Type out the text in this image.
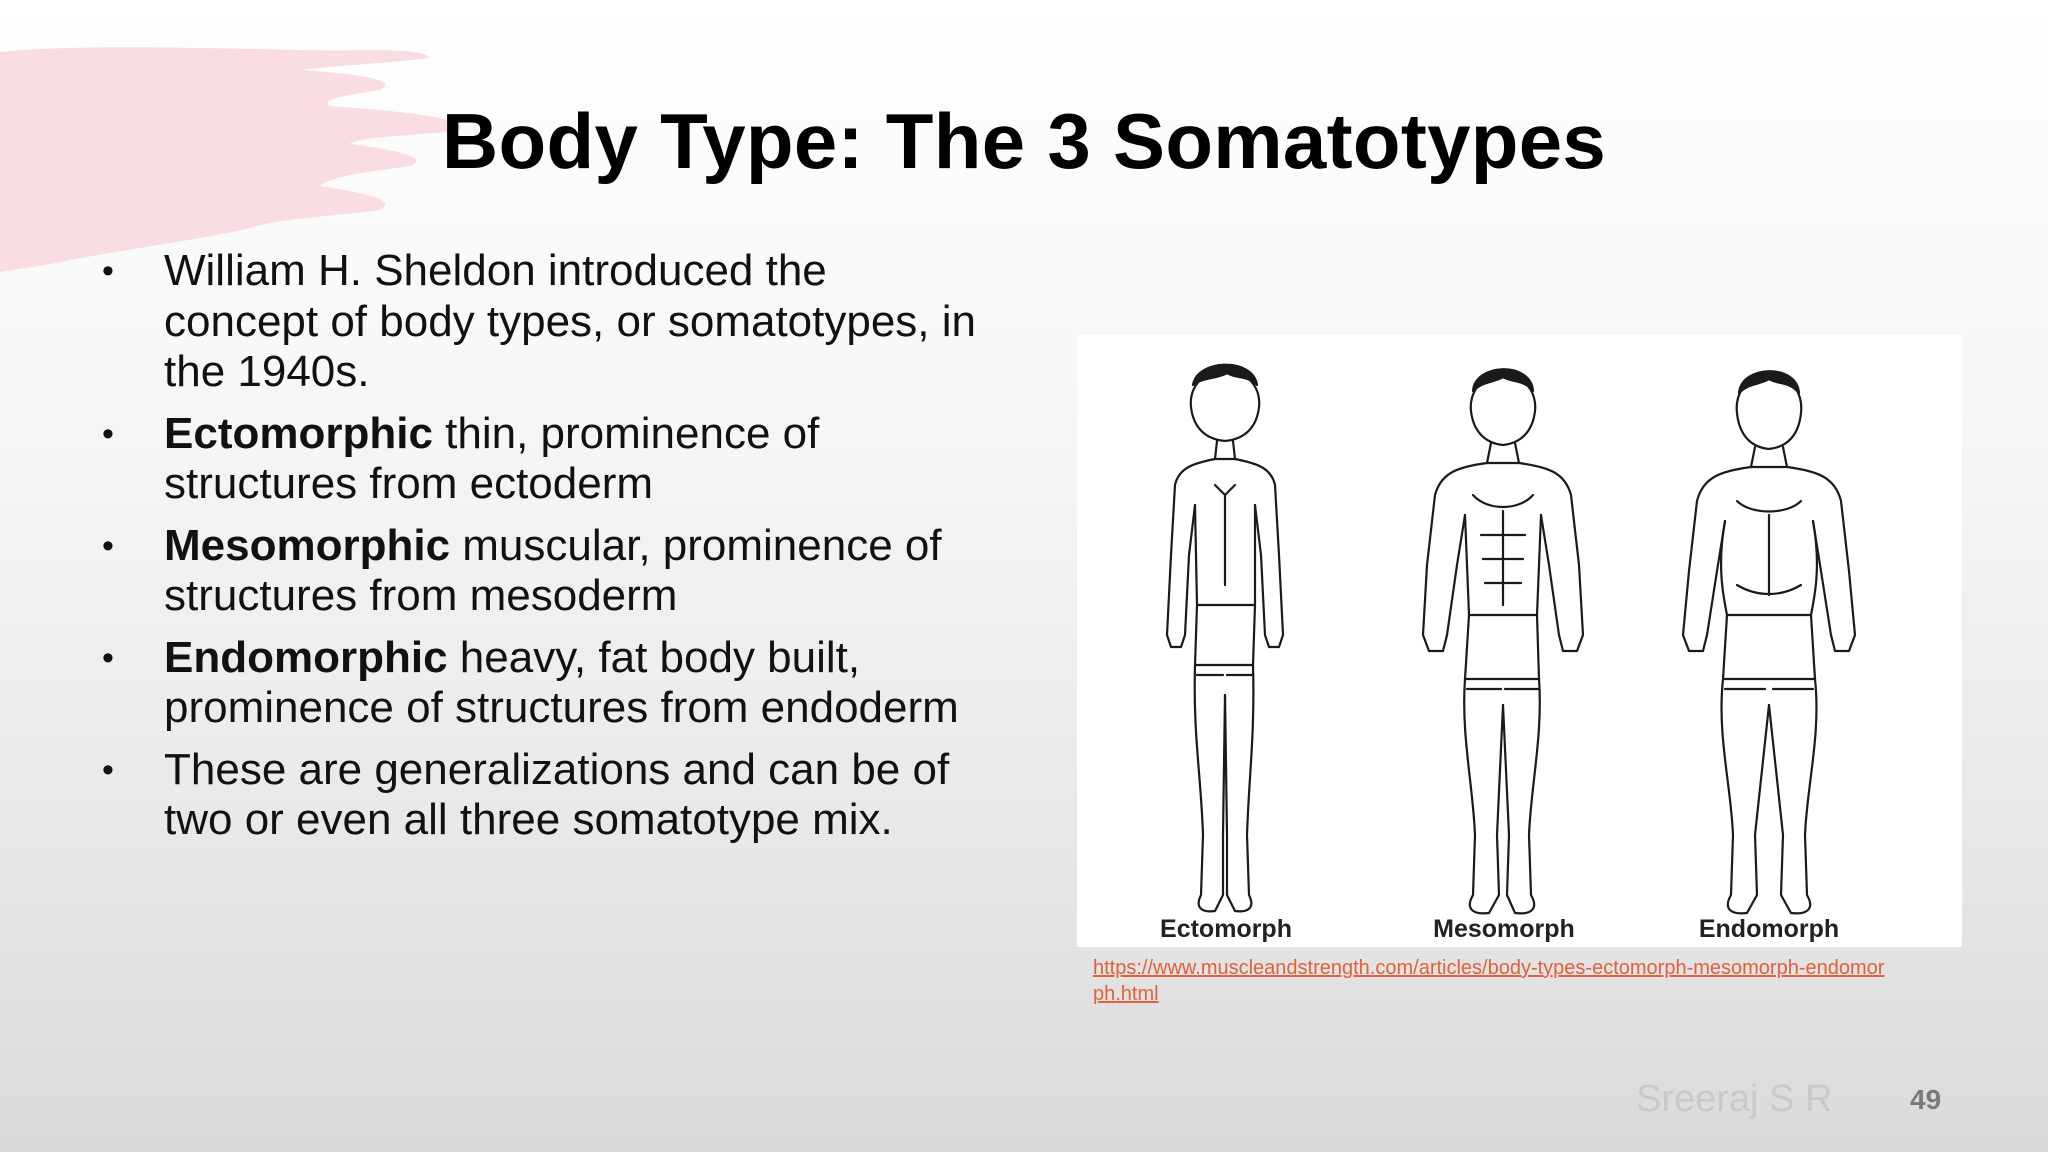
Body Type: The 3 Somatotypes
• William H. Sheldon introduced the concept of body types, or somatotypes, in the 1940s.
• Ectomorphic thin, prominence of structures from ectoderm
• Mesomorphic muscular, prominence of structures from mesoderm
• Endomorphic heavy, fat body built, prominence of structures from endoderm
• These are generalizations and can be of two or even all three somatotype mix.
Ectomorph	Mesomorph	Endomorph
https://www.muscleandstrength.com/articles/body-types-ectomorph-mesomorph-endomorph.html
Sreeraj S R	49
